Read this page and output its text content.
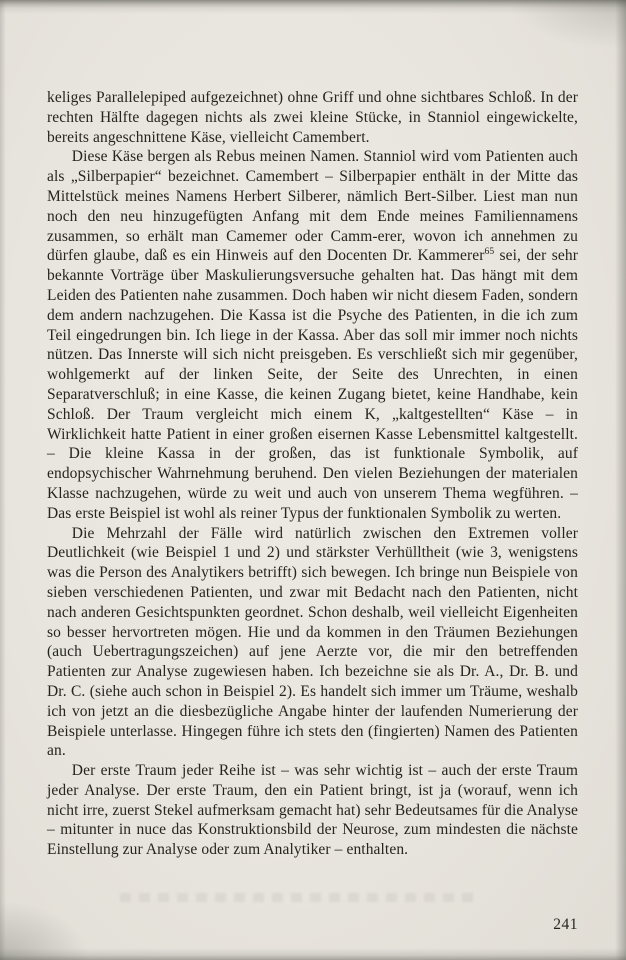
keliges Parallelepiped aufgezeichnet) ohne Griff und ohne sichtbares Schloß. In der rechten Hälfte dagegen nichts als zwei kleine Stücke, in Stanniol eingewickelte, bereits angeschnittene Käse, vielleicht Camembert.

Diese Käse bergen als Rebus meinen Namen. Stanniol wird vom Patienten auch als „Silberpapier“ bezeichnet. Camembert – Silberpapier enthält in der Mitte das Mittelstück meines Namens Herbert Silberer, nämlich Bert-Silber. Liest man nun noch den neu hinzugefügten Anfang mit dem Ende meines Familiennamens zusammen, so erhält man Camemer oder Camm-erer, wovon ich annehmen zu dürfen glaube, daß es ein Hinweis auf den Docenten Dr. Kammerer$^{65}$ sei, der sehr bekannte Vorträge über Maskulierungsversuche gehalten hat. Das hängt mit dem Leiden des Patienten nahe zusammen. Doch haben wir nicht diesem Faden, sondern dem andern nachzugehen. Die Kassa ist die Psyche des Patienten, in die ich zum Teil eingedrungen bin. Ich liege in der Kassa. Aber das soll mir immer noch nichts nützen. Das Innerste will sich nicht preisgeben. Es verschließt sich mir gegenüber, wohlgemerkt auf der linken Seite, der Seite des Unrechten, in einen Separatverschluß; in eine Kasse, die keinen Zugang bietet, keine Handhabe, kein Schloß. Der Traum vergleicht mich einem K, „kaltgestellten“ Käse – in Wirklichkeit hatte Patient in einer großen eisernen Kasse Lebensmittel kaltgestellt. – Die kleine Kassa in der großen, das ist funktionale Symbolik, auf endopsychischer Wahrnehmung beruhend. Den vielen Beziehungen der materialen Klasse nachzugehen, würde zu weit und auch von unserem Thema wegführen. – Das erste Beispiel ist wohl als reiner Typus der funktionalen Symbolik zu werten.

Die Mehrzahl der Fälle wird natürlich zwischen den Extremen voller Deutlichkeit (wie Beispiel 1 und 2) und stärkster Verhülltheit (wie 3, wenigstens was die Person des Analytikers betrifft) sich bewegen. Ich bringe nun Beispiele von sieben verschiedenen Patienten, und zwar mit Bedacht nach den Patienten, nicht nach anderen Gesichtspunkten geordnet. Schon deshalb, weil vielleicht Eigenheiten so besser hervortreten mögen. Hie und da kommen in den Träumen Beziehungen (auch Uebertragungszeichen) auf jene Aerzte vor, die mir den betreffenden Patienten zur Analyse zugewiesen haben. Ich bezeichne sie als Dr. A., Dr. B. und Dr. C. (siehe auch schon in Beispiel 2). Es handelt sich immer um Träume, weshalb ich von jetzt an die diesbezügliche Angabe hinter der laufenden Numerierung der Beispiele unterlasse. Hingegen führe ich stets den (fingierten) Namen des Patienten an.

Der erste Traum jeder Reihe ist – was sehr wichtig ist – auch der erste Traum jeder Analyse. Der erste Traum, den ein Patient bringt, ist ja (worauf, wenn ich nicht irre, zuerst Stekel aufmerksam gemacht hat) sehr Bedeutsames für die Analyse – mitunter in nuce das Konstruktionsbild der Neurose, zum mindesten die nächste Einstellung zur Analyse oder zum Analytiker – enthalten.

241
